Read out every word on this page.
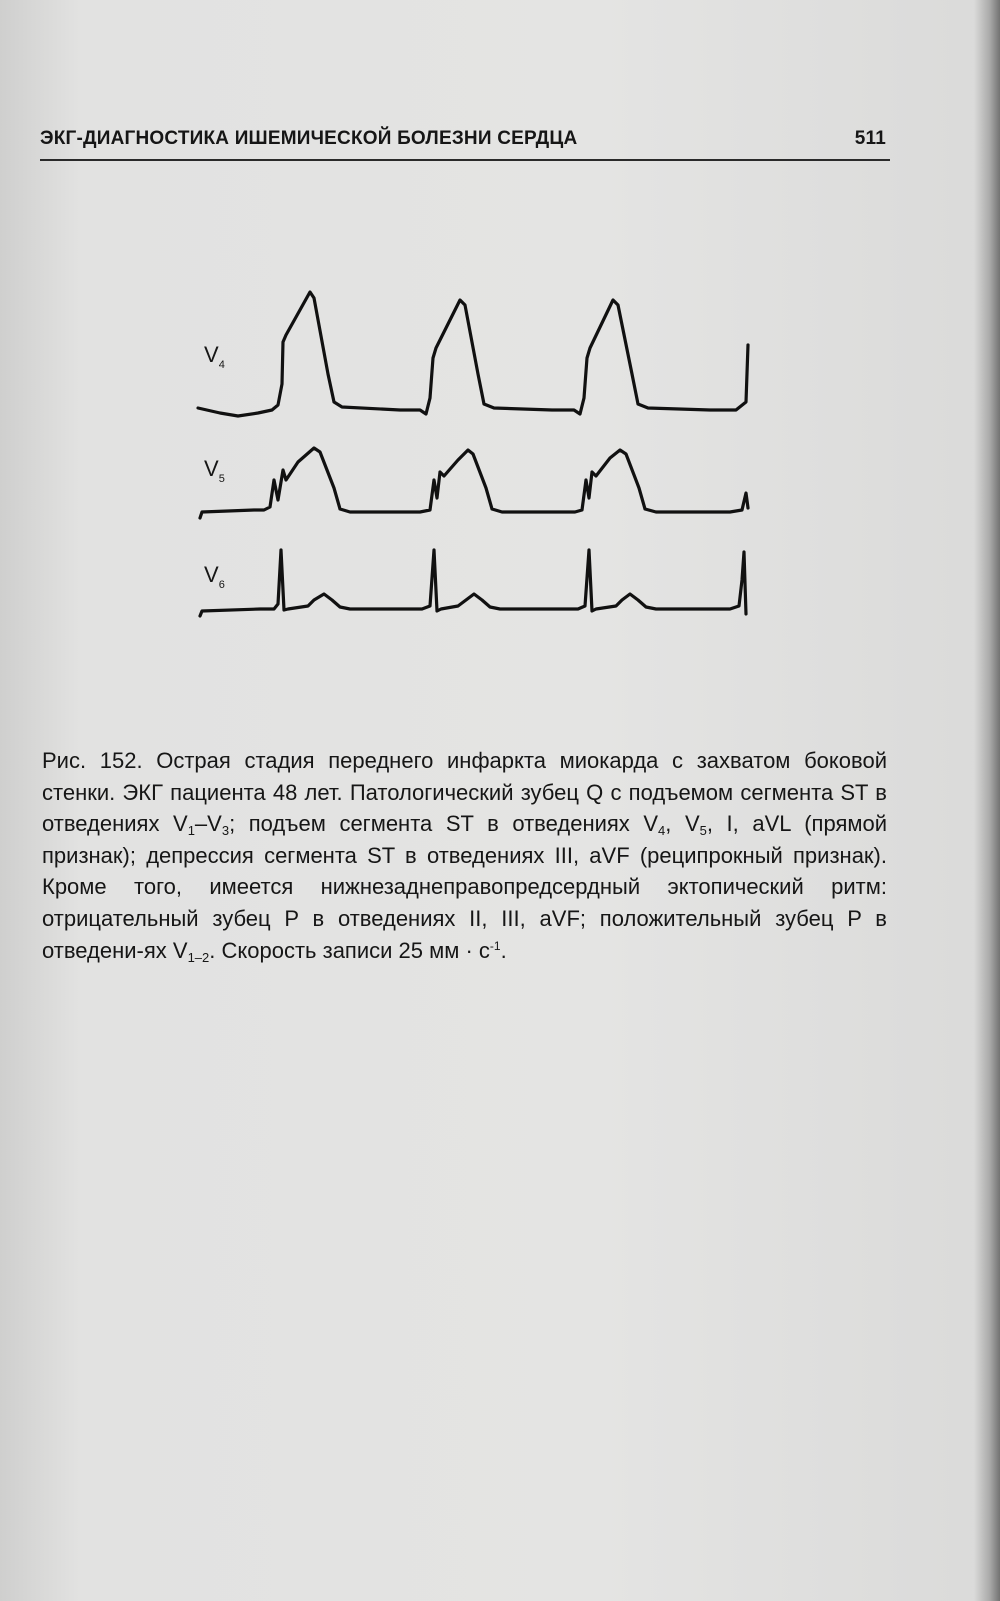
ЭКГ-ДИАГНОСТИКА ИШЕМИЧЕСКОЙ БОЛЕЗНИ СЕРДЦА	511
$V_4$
$V_5$
$V_6$
Рис. 152. Острая стадия переднего инфаркта миокарда с захватом боковой стенки. ЭКГ пациента 48 лет. Патологический зубец Q с подъемом сегмента ST в отведениях $V_1-V_3$; подъем сегмента ST в отведениях $V_4$, $V_5$, I, aVL (прямой признак); депрессия сегмента ST в отведениях III, aVF (реципрокный признак). Кроме того, имеется нижнезаднеправопредсердный эктопический ритм: отрицательный зубец P в отведениях II, III, aVF; положительный зубец P в отведени-ях $V_{1-2}$. Скорость записи 25 мм · $с^{-1}$.
